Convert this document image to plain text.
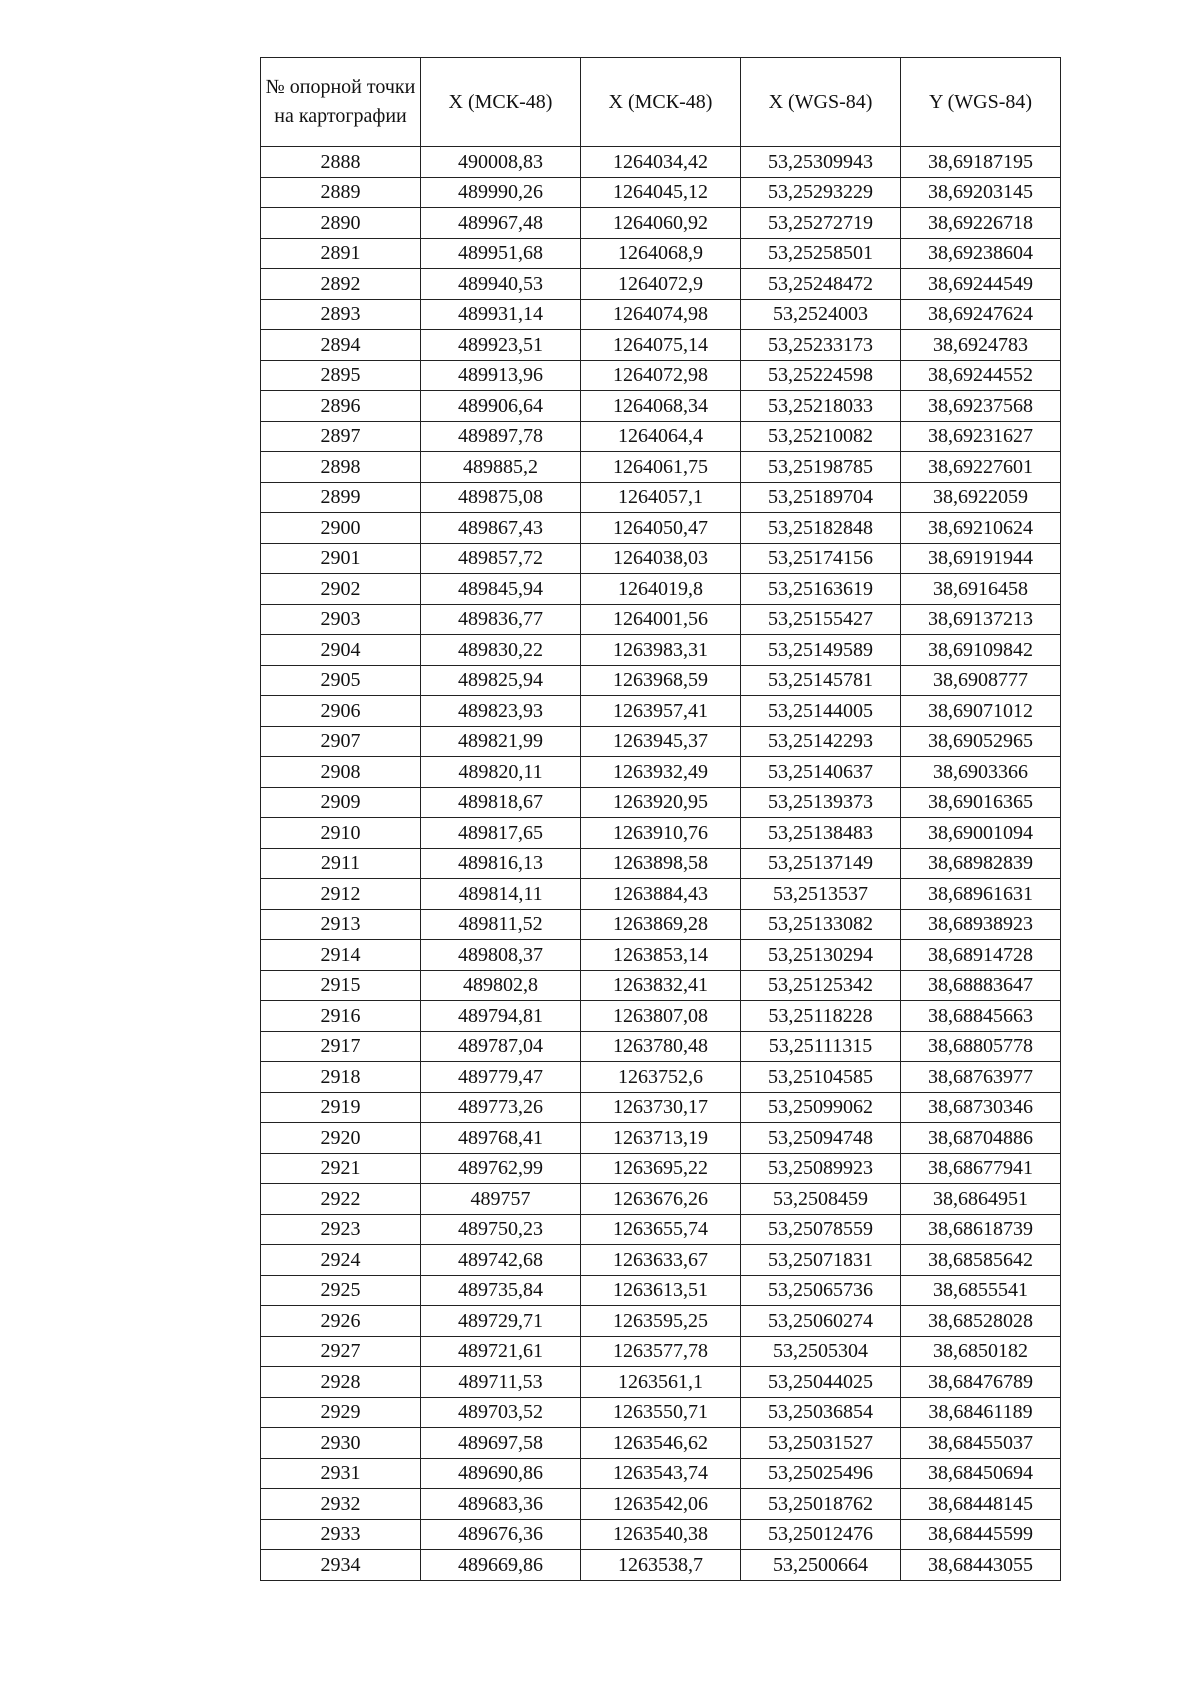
№ опорной точки на картографии	X (МСК-48)	X (МСК-48)	X (WGS-84)	Y (WGS-84)
2888	490008,83	1264034,42	53,25309943	38,69187195
2889	489990,26	1264045,12	53,25293229	38,69203145
2890	489967,48	1264060,92	53,25272719	38,69226718
2891	489951,68	1264068,9	53,25258501	38,69238604
2892	489940,53	1264072,9	53,25248472	38,69244549
2893	489931,14	1264074,98	53,2524003	38,69247624
2894	489923,51	1264075,14	53,25233173	38,6924783
2895	489913,96	1264072,98	53,25224598	38,69244552
2896	489906,64	1264068,34	53,25218033	38,69237568
2897	489897,78	1264064,4	53,25210082	38,69231627
2898	489885,2	1264061,75	53,25198785	38,69227601
2899	489875,08	1264057,1	53,25189704	38,6922059
2900	489867,43	1264050,47	53,25182848	38,69210624
2901	489857,72	1264038,03	53,25174156	38,69191944
2902	489845,94	1264019,8	53,25163619	38,6916458
2903	489836,77	1264001,56	53,25155427	38,69137213
2904	489830,22	1263983,31	53,25149589	38,69109842
2905	489825,94	1263968,59	53,25145781	38,6908777
2906	489823,93	1263957,41	53,25144005	38,69071012
2907	489821,99	1263945,37	53,25142293	38,69052965
2908	489820,11	1263932,49	53,25140637	38,6903366
2909	489818,67	1263920,95	53,25139373	38,69016365
2910	489817,65	1263910,76	53,25138483	38,69001094
2911	489816,13	1263898,58	53,25137149	38,68982839
2912	489814,11	1263884,43	53,2513537	38,68961631
2913	489811,52	1263869,28	53,25133082	38,68938923
2914	489808,37	1263853,14	53,25130294	38,68914728
2915	489802,8	1263832,41	53,25125342	38,68883647
2916	489794,81	1263807,08	53,25118228	38,68845663
2917	489787,04	1263780,48	53,25111315	38,68805778
2918	489779,47	1263752,6	53,25104585	38,68763977
2919	489773,26	1263730,17	53,25099062	38,68730346
2920	489768,41	1263713,19	53,25094748	38,68704886
2921	489762,99	1263695,22	53,25089923	38,68677941
2922	489757	1263676,26	53,2508459	38,6864951
2923	489750,23	1263655,74	53,25078559	38,68618739
2924	489742,68	1263633,67	53,25071831	38,68585642
2925	489735,84	1263613,51	53,25065736	38,6855541
2926	489729,71	1263595,25	53,25060274	38,68528028
2927	489721,61	1263577,78	53,2505304	38,6850182
2928	489711,53	1263561,1	53,25044025	38,68476789
2929	489703,52	1263550,71	53,25036854	38,68461189
2930	489697,58	1263546,62	53,25031527	38,68455037
2931	489690,86	1263543,74	53,25025496	38,68450694
2932	489683,36	1263542,06	53,25018762	38,68448145
2933	489676,36	1263540,38	53,25012476	38,68445599
2934	489669,86	1263538,7	53,2500664	38,68443055
